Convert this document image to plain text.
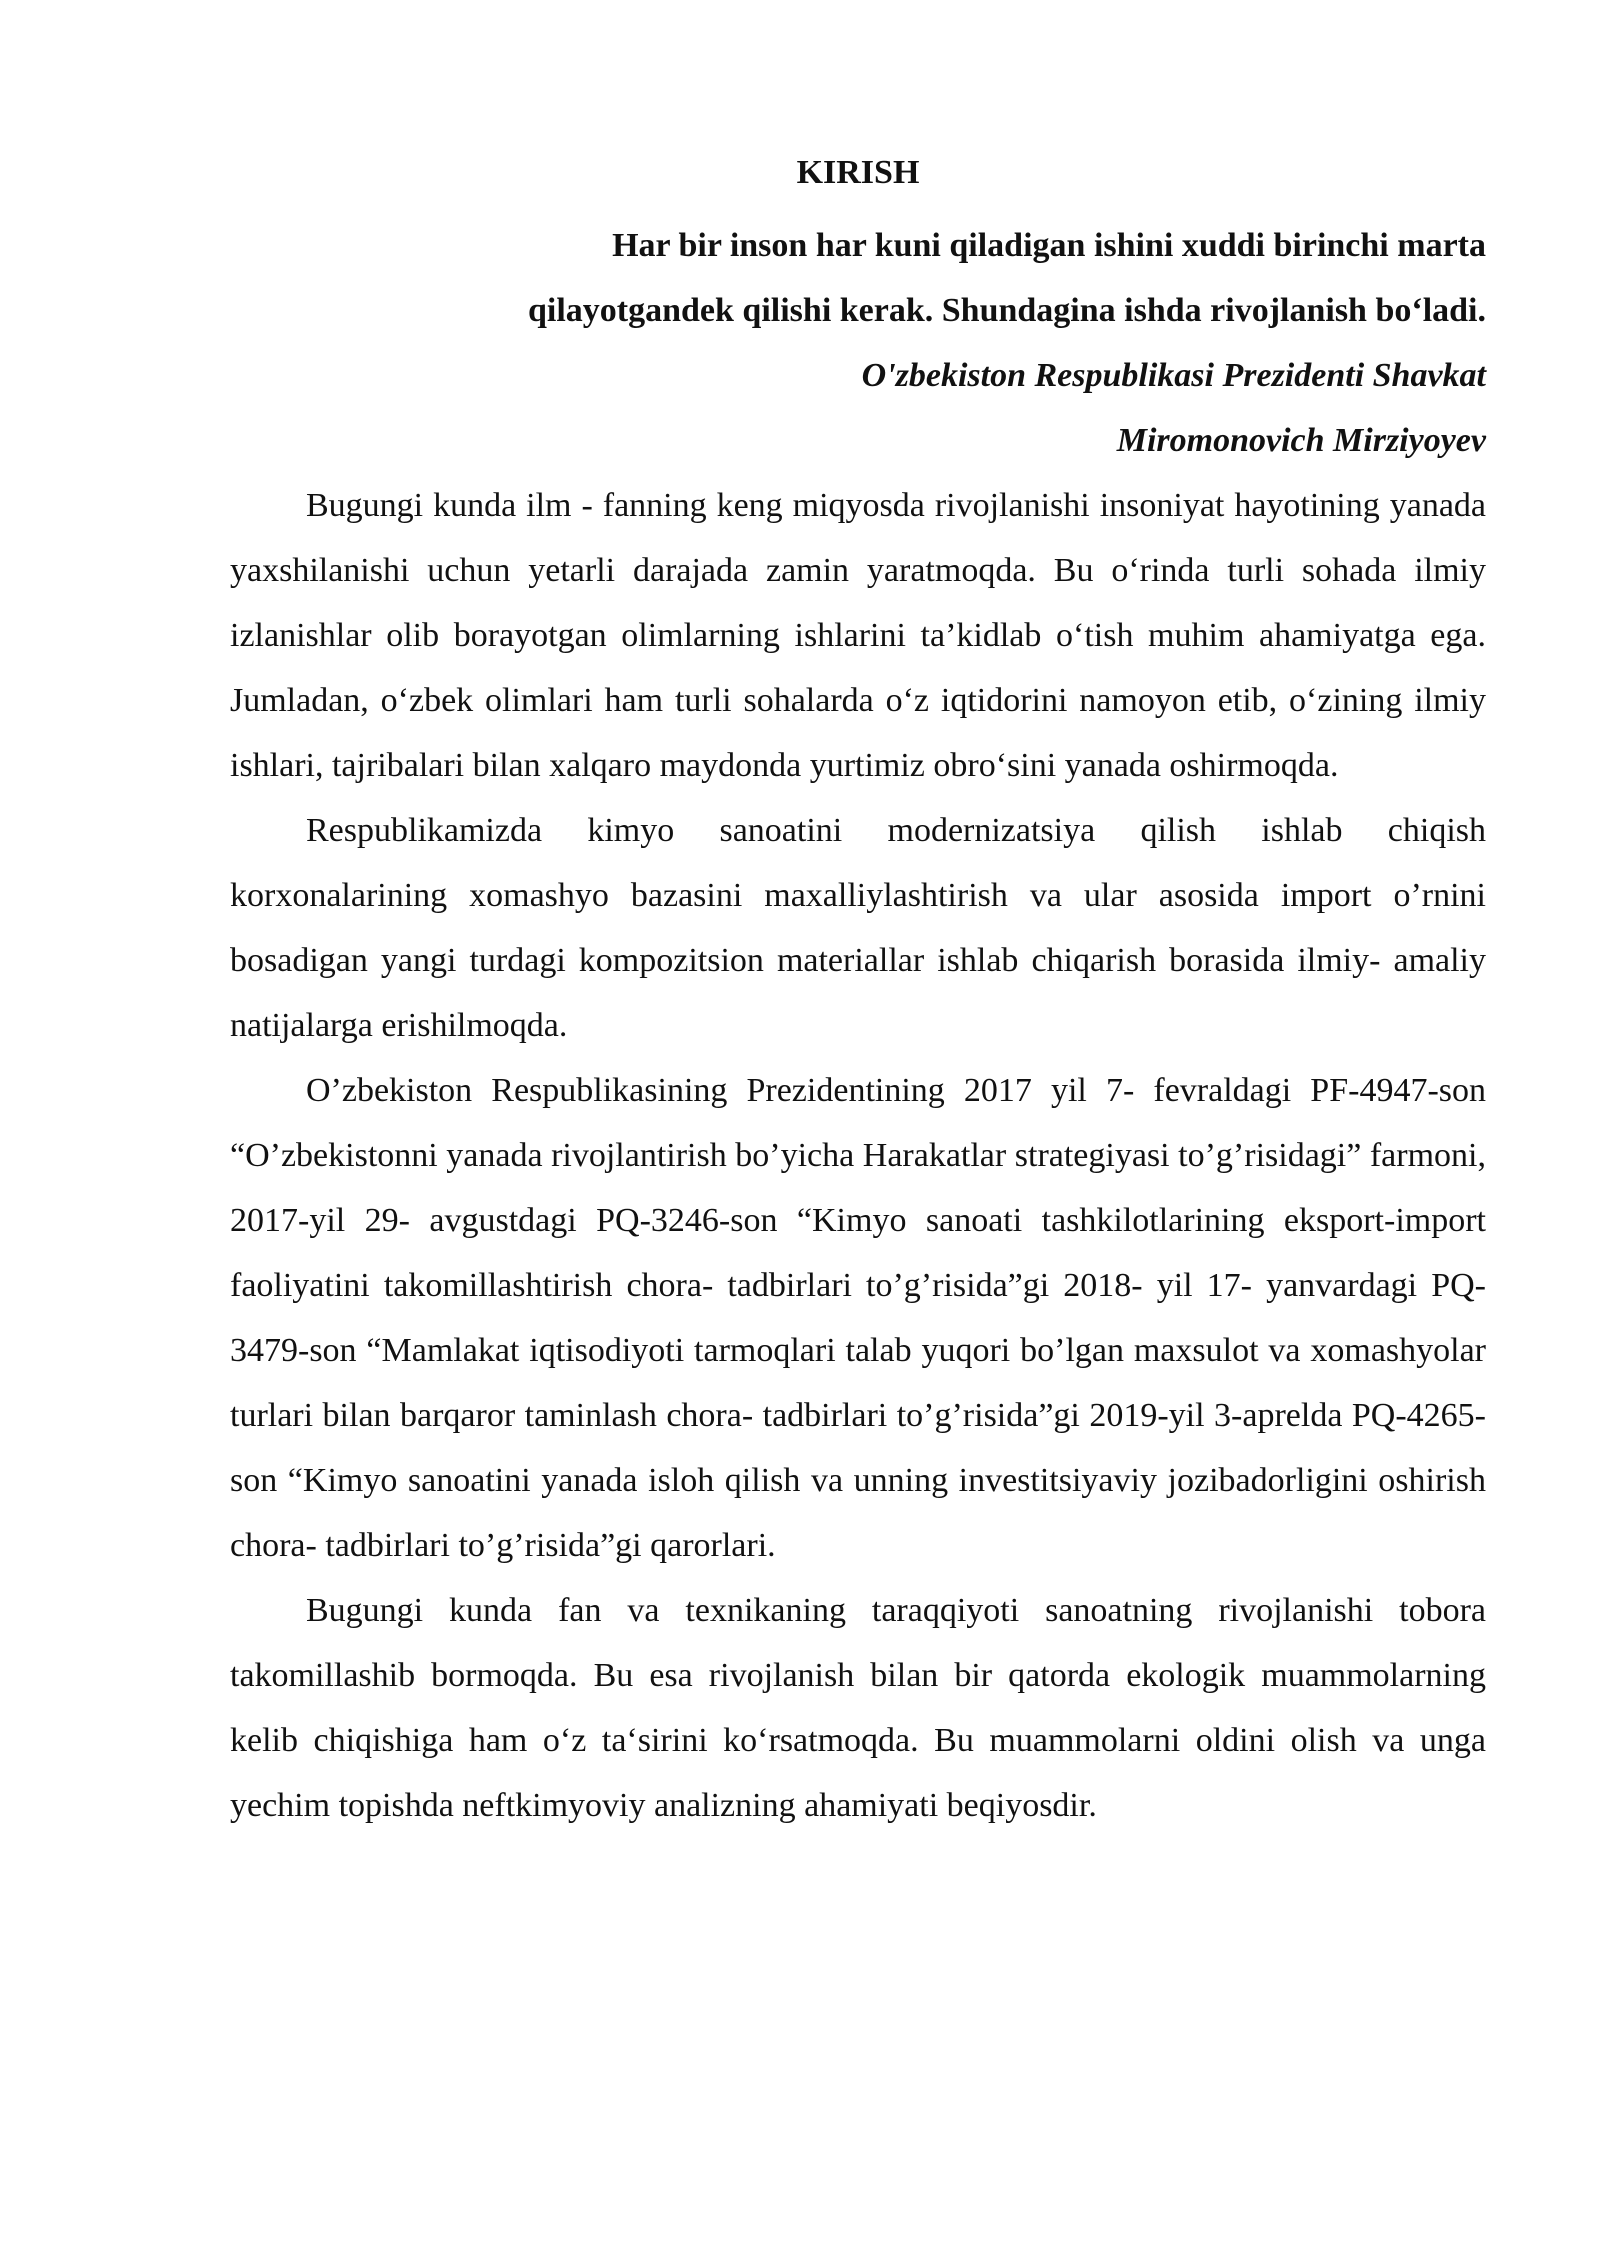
KIRISH

Har bir inson har kuni qiladigan ishini xuddi birinchi marta

qilayotgandek qilishi kerak. Shundagina ishda rivojlanish bo‘ladi.

O'zbekiston Respublikasi Prezidenti Shavkat

Miromonovich Mirziyoyev

Bugungi kunda ilm - fanning keng miqyosda rivojlanishi insoniyat hayotining yanada yaxshilanishi uchun yetarli darajada zamin yaratmoqda. Bu o‘rinda turli sohada ilmiy izlanishlar olib borayotgan olimlarning ishlarini ta’kidlab o‘tish muhim ahamiyatga ega. Jumladan, o‘zbek olimlari ham turli sohalarda o‘z iqtidorini namoyon etib, o‘zining ilmiy ishlari, tajribalari bilan xalqaro maydonda yurtimiz obro‘sini yanada oshirmoqda.

Respublikamizda kimyo sanoatini modernizatsiya qilish ishlab chiqish korxonalarining xomashyo bazasini maxalliylashtirish va ular asosida import o’rnini bosadigan yangi turdagi kompozitsion materiallar ishlab chiqarish borasida ilmiy- amaliy natijalarga erishilmoqda.

O’zbekiston Respublikasining Prezidentining 2017 yil 7- fevraldagi PF-4947-son “O’zbekistonni yanada rivojlantirish bo’yicha Harakatlar strategiyasi to’g’risidagi” farmoni, 2017-yil 29- avgustdagi PQ-3246-son “Kimyo sanoati tashkilotlarining eksport-import faoliyatini takomillashtirish chora- tadbirlari to’g’risida”gi 2018- yil 17- yanvardagi PQ-3479-son “Mamlakat iqtisodiyoti tarmoqlari talab yuqori bo’lgan maxsulot va xomashyolar turlari bilan barqaror taminlash chora- tadbirlari to’g’risida”gi 2019-yil 3-aprelda PQ-4265-son “Kimyo sanoatini yanada isloh qilish va unning investitsiyaviy jozibadorligini oshirish chora- tadbirlari to’g’risida”gi qarorlari.

Bugungi kunda fan va texnikaning taraqqiyoti sanoatning rivojlanishi tobora takomillashib bormoqda. Bu esa rivojlanish bilan bir qatorda ekologik muammolarning kelib chiqishiga ham o‘z ta‘sirini ko‘rsatmoqda. Bu muammolarni oldini olish va unga yechim topishda neftkimyoviy analizning ahamiyati beqiyosdir.
